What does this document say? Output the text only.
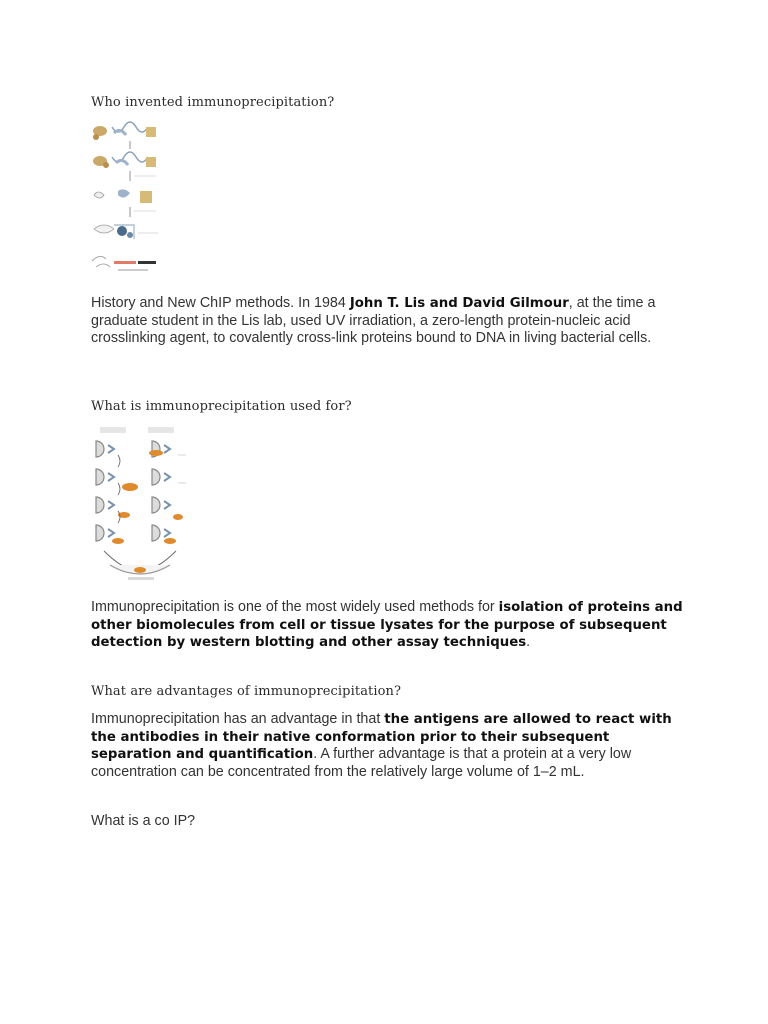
Who invented immunoprecipitation?
History and New ChIP methods. In 1984 John T. Lis and David Gilmour, at the time a graduate student in the Lis lab, used UV irradiation, a zero-length protein-nucleic acid crosslinking agent, to covalently cross-link proteins bound to DNA in living bacterial cells.
What is immunoprecipitation used for?
Immunoprecipitation is one of the most widely used methods for isolation of proteins and other biomolecules from cell or tissue lysates for the purpose of subsequent detection by western blotting and other assay techniques.
What are advantages of immunoprecipitation?
Immunoprecipitation has an advantage in that the antigens are allowed to react with the antibodies in their native conformation prior to their subsequent separation and quantification. A further advantage is that a protein at a very low concentration can be concentrated from the relatively large volume of 1–2 mL.
What is a co IP?
